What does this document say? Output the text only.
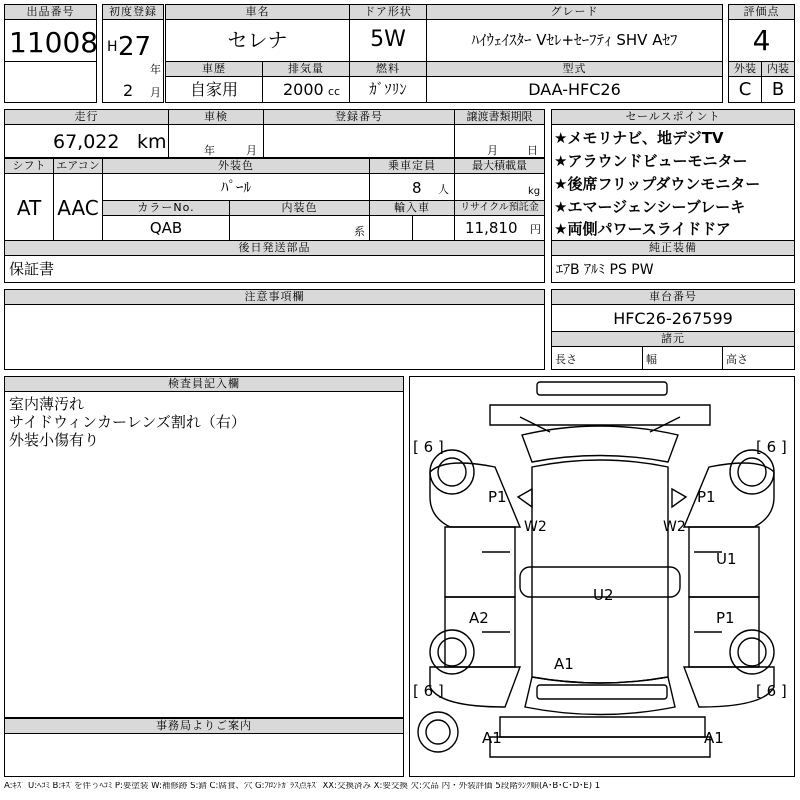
出品番号
11008
初度登録
H 27
年
2 月
車名
セレナ
ドア形状
5W
グレード
ﾊｲｳｪｲｽﾀｰ Vｾﾚ+ｾｰﾌﾃｨ SHV Aｾﾌ
評価点
4
車歴
自家用
排気量
2000 cc
燃料
ｶﾞｿﾘﾝ
型式
DAA-HFC26
外装
C
内装
B
走行
67,022 km
車検
年	月
登録番号	譲渡書類期限
月	日
シフト
AT
エアコン
AAC
外装色
ﾊﾟｰﾙ
乗車定員
8 人
最大積載量
kg
カラーNo.
QAB
内装色
系
輸入車	リサイクル預託金
11,810 円
セールスポイント
★メモリナビ、地デジTV
★アラウンドビューモニター
★後席フリップダウンモニター
★エマージェンシーブレーキ
★両側パワースライドドア
後日発送部品
保証書
純正装備
ｴｱB ｱﾙﾐ PS PW
注意事項欄	車台番号
HFC26-267599
諸元
長さ	幅	高さ
検査員記入欄
室内薄汚れ
サイドウィンカーレンズ割れ（右）
外装小傷有り
事務局よりご案内
[ 6 ]	[ 6 ]
[ 6 ]	[ 6 ]
P1	P1
W2	W2
U1
U2
A2	P1
A1
A1	A1
A:ｷｽﾞ U:ﾍｺﾐ B:ｷｽﾞを伴うﾍｺﾐ P:要塗装 W:補修跡 S:錆 C:腐食、穴 G:ﾌﾛﾝﾄｶﾞﾗｽ点ｷｽﾞ XX:交換済み X:要交換 欠:欠品 内・外装評価 5段階ﾗﾝｸ順(A･B･C･D･E) 1
